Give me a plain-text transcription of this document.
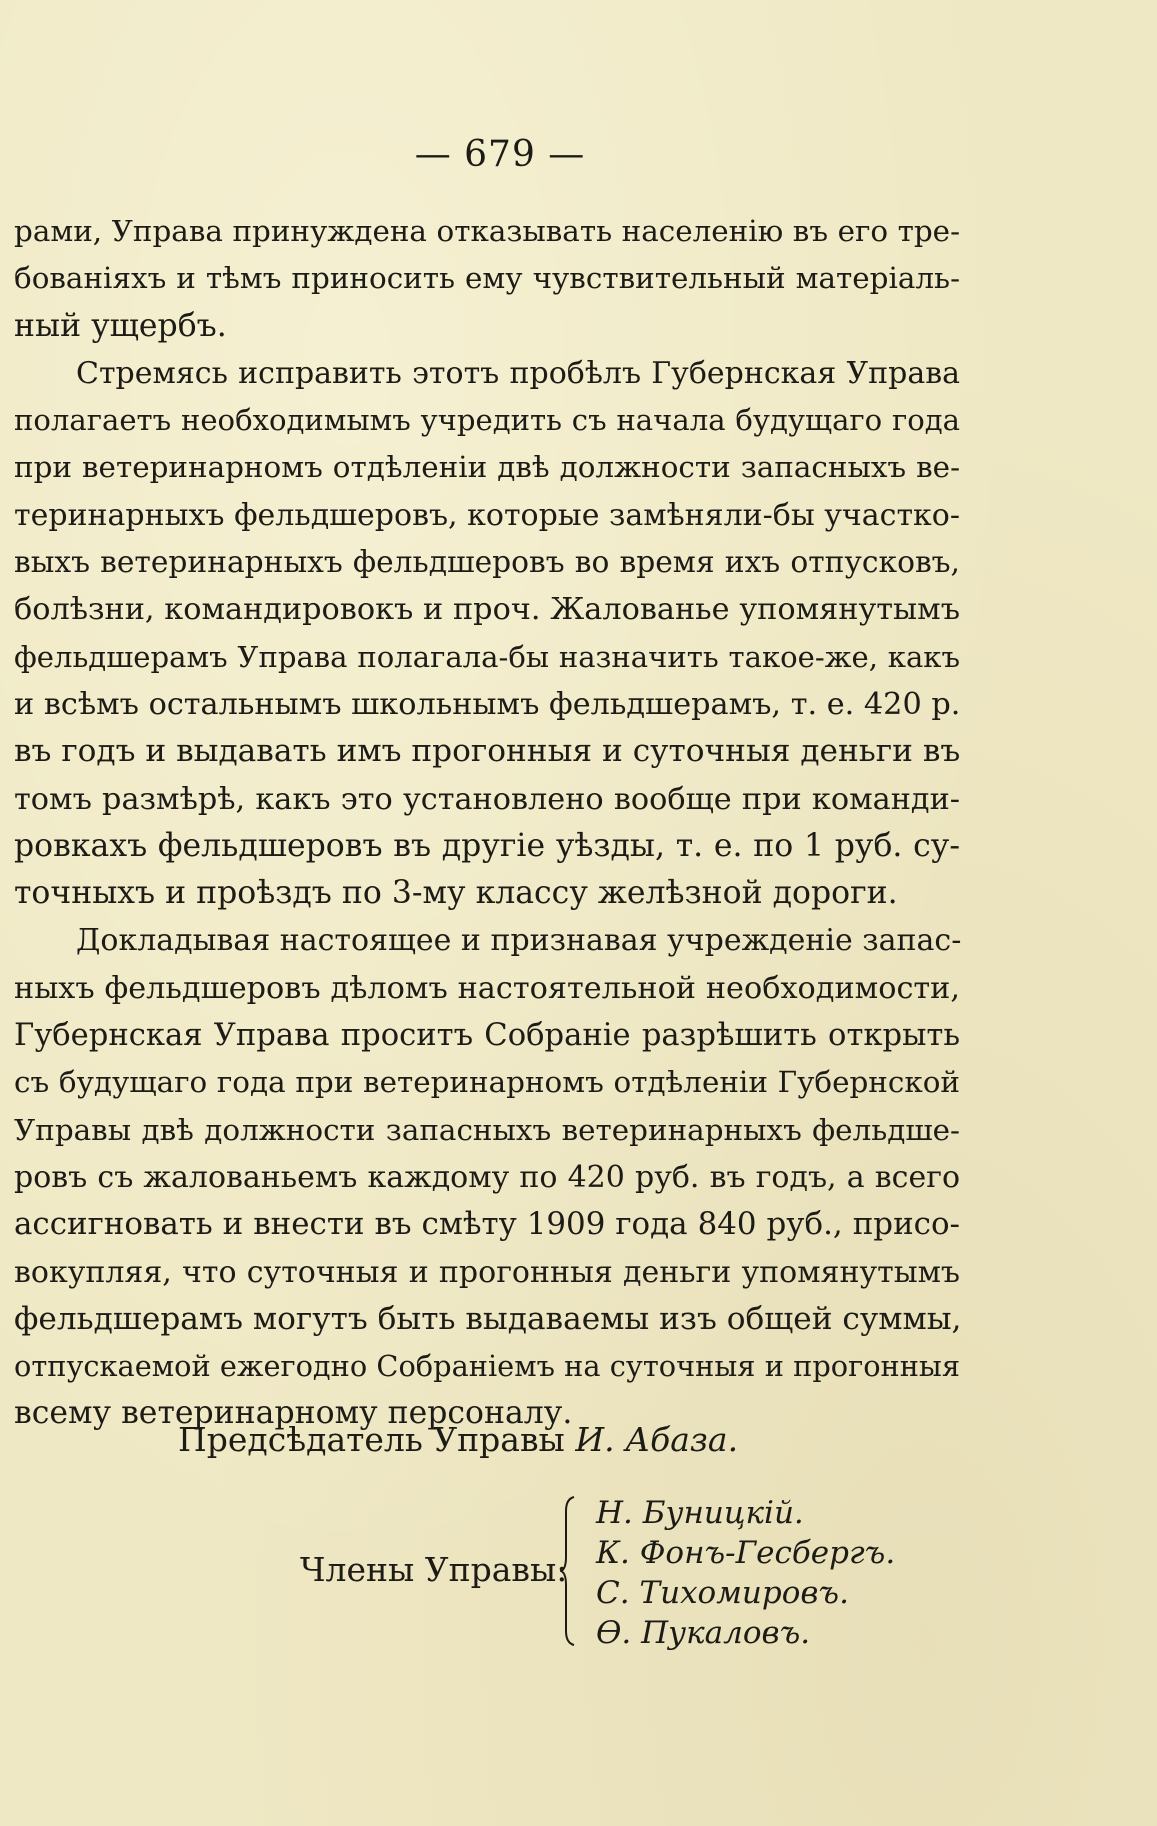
— 679 —
рами, Управа принуждена отказывать населенію въ его тре-
бованіяхъ и тѣмъ приносить ему чувствительный матеріаль-
ный ущербъ.
Стремясь исправить этотъ пробѣлъ Губернская Управа
полагаетъ необходимымъ учредить съ начала будущаго года
при ветеринарномъ отдѣленіи двѣ должности запасныхъ ве-
теринарныхъ фельдшеровъ, которые замѣняли-бы участко-
выхъ ветеринарныхъ фельдшеровъ во время ихъ отпусковъ,
болѣзни, командировокъ и проч. Жалованье упомянутымъ
фельдшерамъ Управа полагала-бы назначить такое-же, какъ
и всѣмъ остальнымъ школьнымъ фельдшерамъ, т. е. 420 р.
въ годъ и выдавать имъ прогонныя и суточныя деньги въ
томъ размѣрѣ, какъ это установлено вообще при команди-
ровкахъ фельдшеровъ въ другіе уѣзды, т. е. по 1 руб. су-
точныхъ и проѣздъ по 3-му классу желѣзной дороги.
Докладывая настоящее и признавая учрежденіе запас-
ныхъ фельдшеровъ дѣломъ настоятельной необходимости,
Губернская Управа проситъ Собраніе разрѣшить открыть
съ будущаго года при ветеринарномъ отдѣленіи Губернской
Управы двѣ должности запасныхъ ветеринарныхъ фельдше-
ровъ съ жалованьемъ каждому по 420 руб. въ годъ, а всего
ассигновать и внести въ смѣту 1909 года 840 руб., присо-
вокупляя, что суточныя и прогонныя деньги упомянутымъ
фельдшерамъ могутъ быть выдаваемы изъ общей суммы,
отпускаемой ежегодно Собраніемъ на суточныя и прогонныя
всему ветеринарному персоналу.
Предсѣдатель Управы И. Абаза.
Члены Управы:
Н. Буницкій.
К. Фонъ-Гесбергъ.
С. Тихомировъ.
Ѳ. Пукаловъ.
